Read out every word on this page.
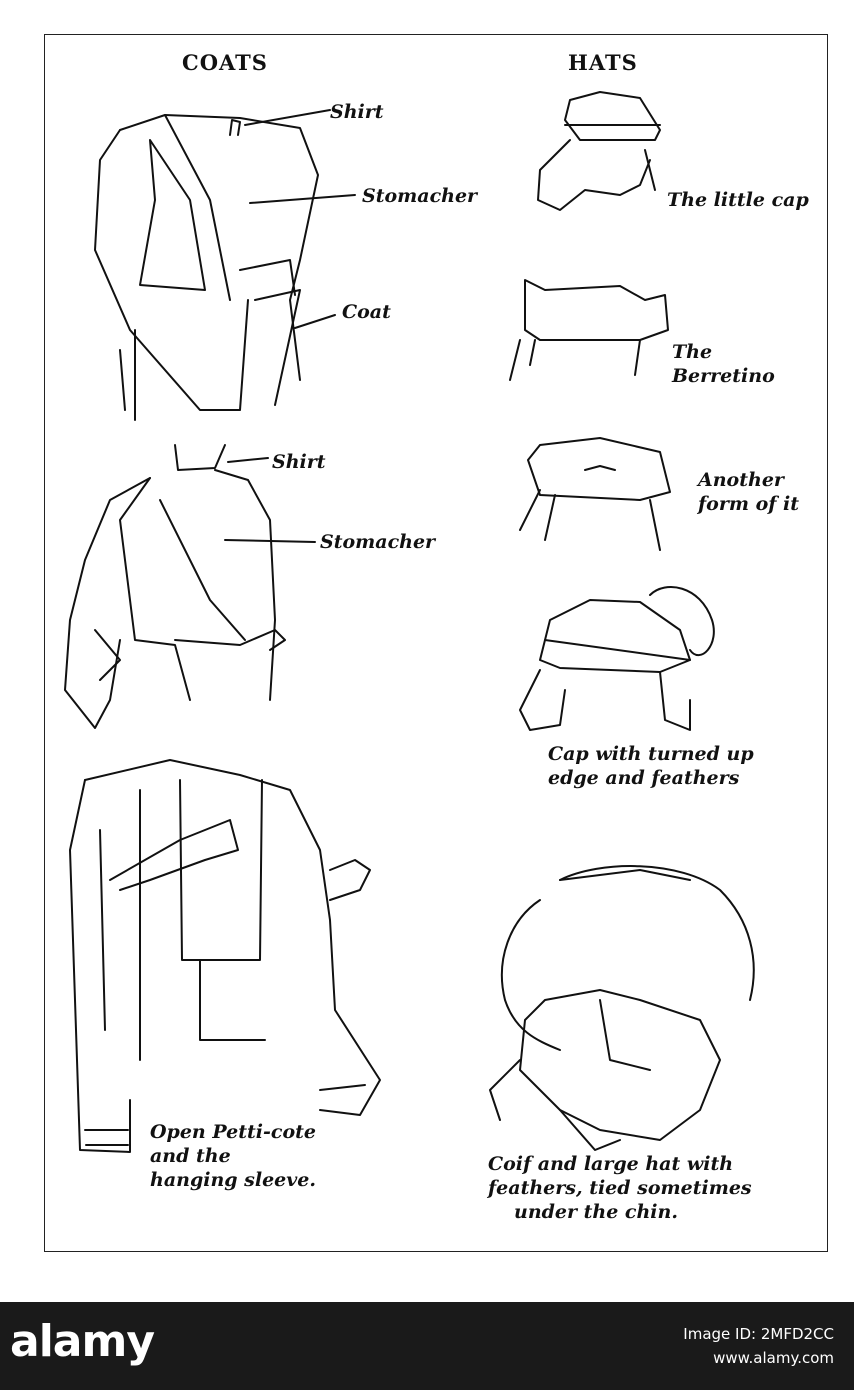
COATS	HATS
Shirt
Stomacher
Coat
Shirt
Stomacher
Open Petti-cote
and the
hanging sleeve.
The little cap
The
Berretino
Another
form of it
Cap with turned up
edge and feathers
Coif and large hat with
feathers, tied sometimes
under the chin.
alamy	Image ID: 2MFD2CC
www.alamy.com
